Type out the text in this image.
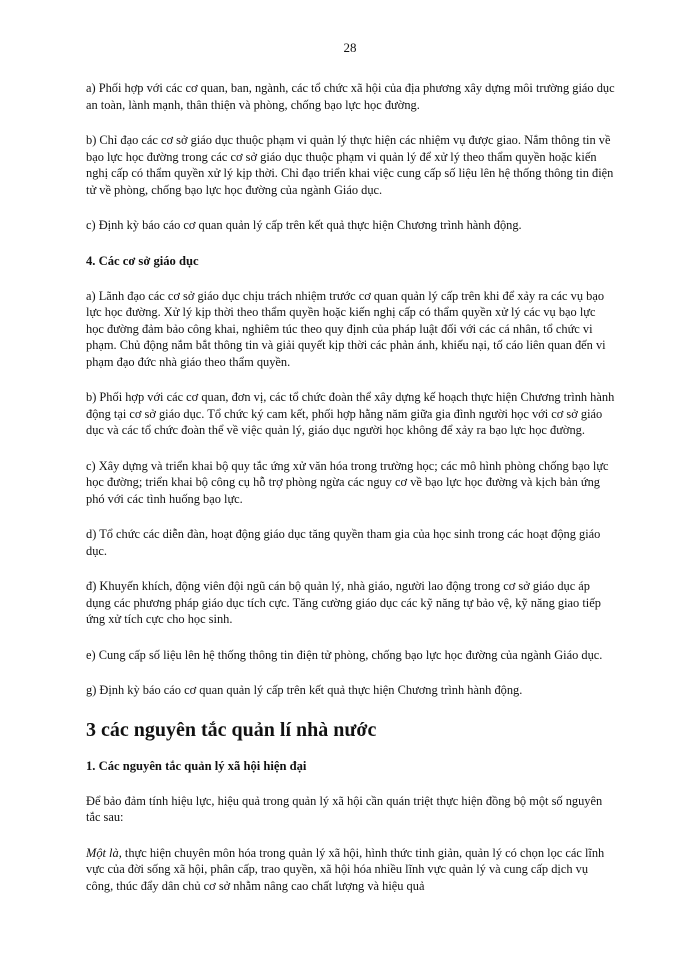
28

a) Phối hợp với các cơ quan, ban, ngành, các tổ chức xã hội của địa phương xây dựng môi trường giáo dục an toàn, lành mạnh, thân thiện và phòng, chống bạo lực học đường.

b) Chỉ đạo các cơ sở giáo dục thuộc phạm vi quản lý thực hiện các nhiệm vụ được giao. Nắm thông tin về bạo lực học đường trong các cơ sở giáo dục thuộc phạm vi quản lý để xử lý theo thẩm quyền hoặc kiến nghị cấp có thẩm quyền xử lý kịp thời. Chỉ đạo triển khai việc cung cấp số liệu lên hệ thống thông tin điện tử về phòng, chống bạo lực học đường của ngành Giáo dục.

c) Định kỳ báo cáo cơ quan quản lý cấp trên kết quả thực hiện Chương trình hành động.

4. Các cơ sở giáo dục

a) Lãnh đạo các cơ sở giáo dục chịu trách nhiệm trước cơ quan quản lý cấp trên khi để xảy ra các vụ bạo lực học đường. Xử lý kịp thời theo thẩm quyền hoặc kiến nghị cấp có thẩm quyền xử lý các vụ bạo lực học đường đảm bảo công khai, nghiêm túc theo quy định của pháp luật đối với các cá nhân, tổ chức vi phạm. Chủ động nắm bắt thông tin và giải quyết kịp thời các phản ánh, khiếu nại, tố cáo liên quan đến vi phạm đạo đức nhà giáo theo thẩm quyền.

b) Phối hợp với các cơ quan, đơn vị, các tổ chức đoàn thể xây dựng kế hoạch thực hiện Chương trình hành động tại cơ sở giáo dục. Tổ chức ký cam kết, phối hợp hằng năm giữa gia đình người học với cơ sở giáo dục và các tổ chức đoàn thể về việc quản lý, giáo dục người học không để xảy ra bạo lực học đường.

c) Xây dựng và triển khai bộ quy tắc ứng xử văn hóa trong trường học; các mô hình phòng chống bạo lực học đường; triển khai bộ công cụ hỗ trợ phòng ngừa các nguy cơ về bạo lực học đường và kịch bản ứng phó với các tình huống bạo lực.

d) Tổ chức các diễn đàn, hoạt động giáo dục tăng quyền tham gia của học sinh trong các hoạt động giáo dục.

đ) Khuyến khích, động viên đội ngũ cán bộ quản lý, nhà giáo, người lao động trong cơ sở giáo dục áp dụng các phương pháp giáo dục tích cực. Tăng cường giáo dục các kỹ năng tự bảo vệ, kỹ năng giao tiếp ứng xử tích cực cho học sinh.

e) Cung cấp số liệu lên hệ thống thông tin điện tử phòng, chống bạo lực học đường của ngành Giáo dục.

g) Định kỳ báo cáo cơ quan quản lý cấp trên kết quả thực hiện Chương trình hành động.

3 các nguyên tắc quản lí nhà nước
1. Các nguyên tắc quản lý xã hội hiện đại

Để bảo đảm tính hiệu lực, hiệu quả trong quản lý xã hội cần quán triệt thực hiện đồng bộ một số nguyên tắc sau:

Một là, thực hiện chuyên môn hóa trong quản lý xã hội, hình thức tinh giản, quản lý có chọn lọc các lĩnh vực của đời sống xã hội, phân cấp, trao quyền, xã hội hóa nhiều lĩnh vực quản lý và cung cấp dịch vụ công, thúc đẩy dân chủ cơ sở nhằm nâng cao chất lượng và hiệu quả
